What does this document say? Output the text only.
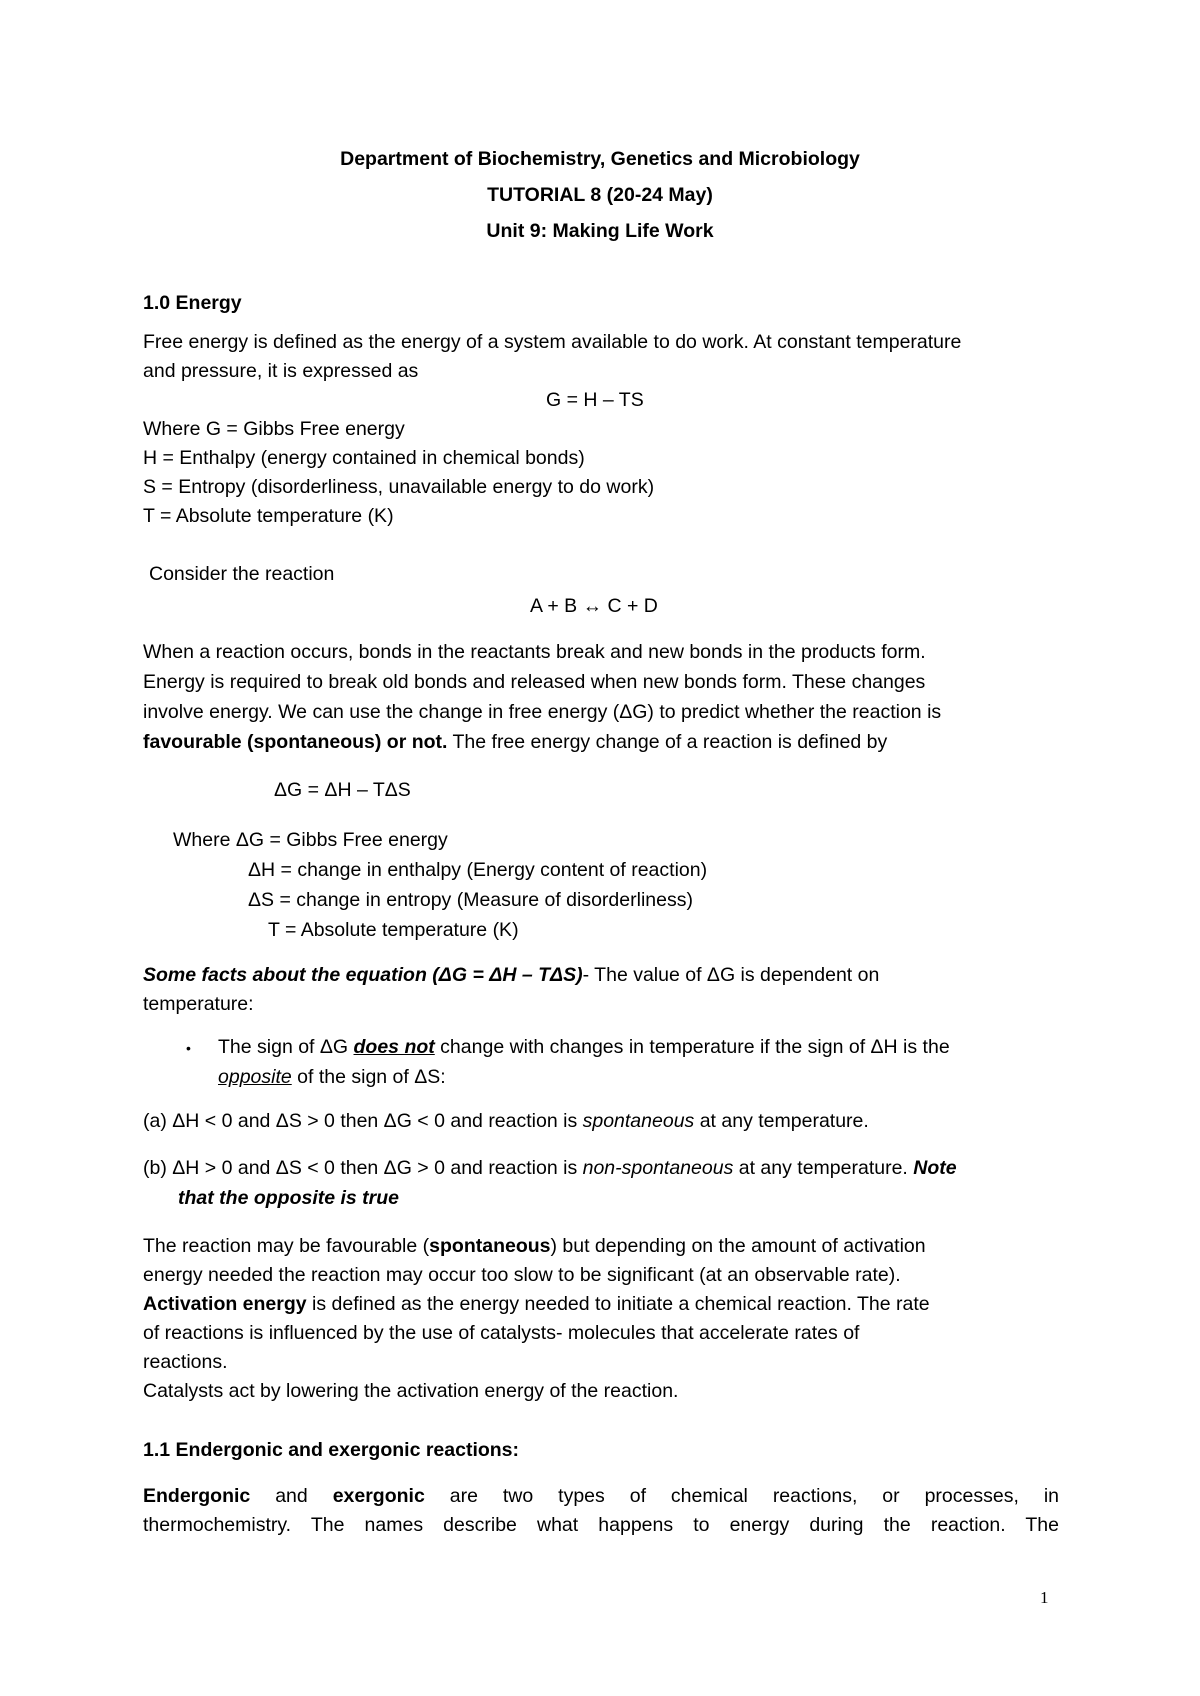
Department of Biochemistry, Genetics and Microbiology
TUTORIAL 8 (20-24 May)
Unit 9: Making Life Work
1.0 Energy
Free energy is defined as the energy of a system available to do work. At constant temperature
and pressure, it is expressed as
G = H – TS
Where G = Gibbs Free energy
H = Enthalpy (energy contained in chemical bonds)
S = Entropy (disorderliness, unavailable energy to do work)
T = Absolute temperature (K)
Consider the reaction
A + B ↔ C + D
When a reaction occurs, bonds in the reactants break and new bonds in the products form.
Energy is required to break old bonds and released when new bonds form. These changes
involve energy. We can use the change in free energy (ΔG) to predict whether the reaction is
favourable (spontaneous) or not. The free energy change of a reaction is defined by
ΔG = ΔH – TΔS
Where ΔG = Gibbs Free energy
ΔH = change in enthalpy (Energy content of reaction)
ΔS = change in entropy (Measure of disorderliness)
T = Absolute temperature (K)
Some facts about the equation (ΔG = ΔH – TΔS)- The value of ΔG is dependent on
temperature:
• The sign of ΔG does not change with changes in temperature if the sign of ΔH is the
opposite of the sign of ΔS:
(a) ΔH < 0 and ΔS > 0 then ΔG < 0 and reaction is spontaneous at any temperature.
(b) ΔH > 0 and ΔS < 0 then ΔG > 0 and reaction is non-spontaneous at any temperature. Note
that the opposite is true
The reaction may be favourable (spontaneous) but depending on the amount of activation
energy needed the reaction may occur too slow to be significant (at an observable rate).
Activation energy is defined as the energy needed to initiate a chemical reaction. The rate
of reactions is influenced by the use of catalysts- molecules that accelerate rates of
reactions.
Catalysts act by lowering the activation energy of the reaction.
1.1 Endergonic and exergonic reactions:
Endergonic and exergonic are two types of chemical reactions, or processes, in
thermochemistry. The names describe what happens to energy during the reaction. The
1
